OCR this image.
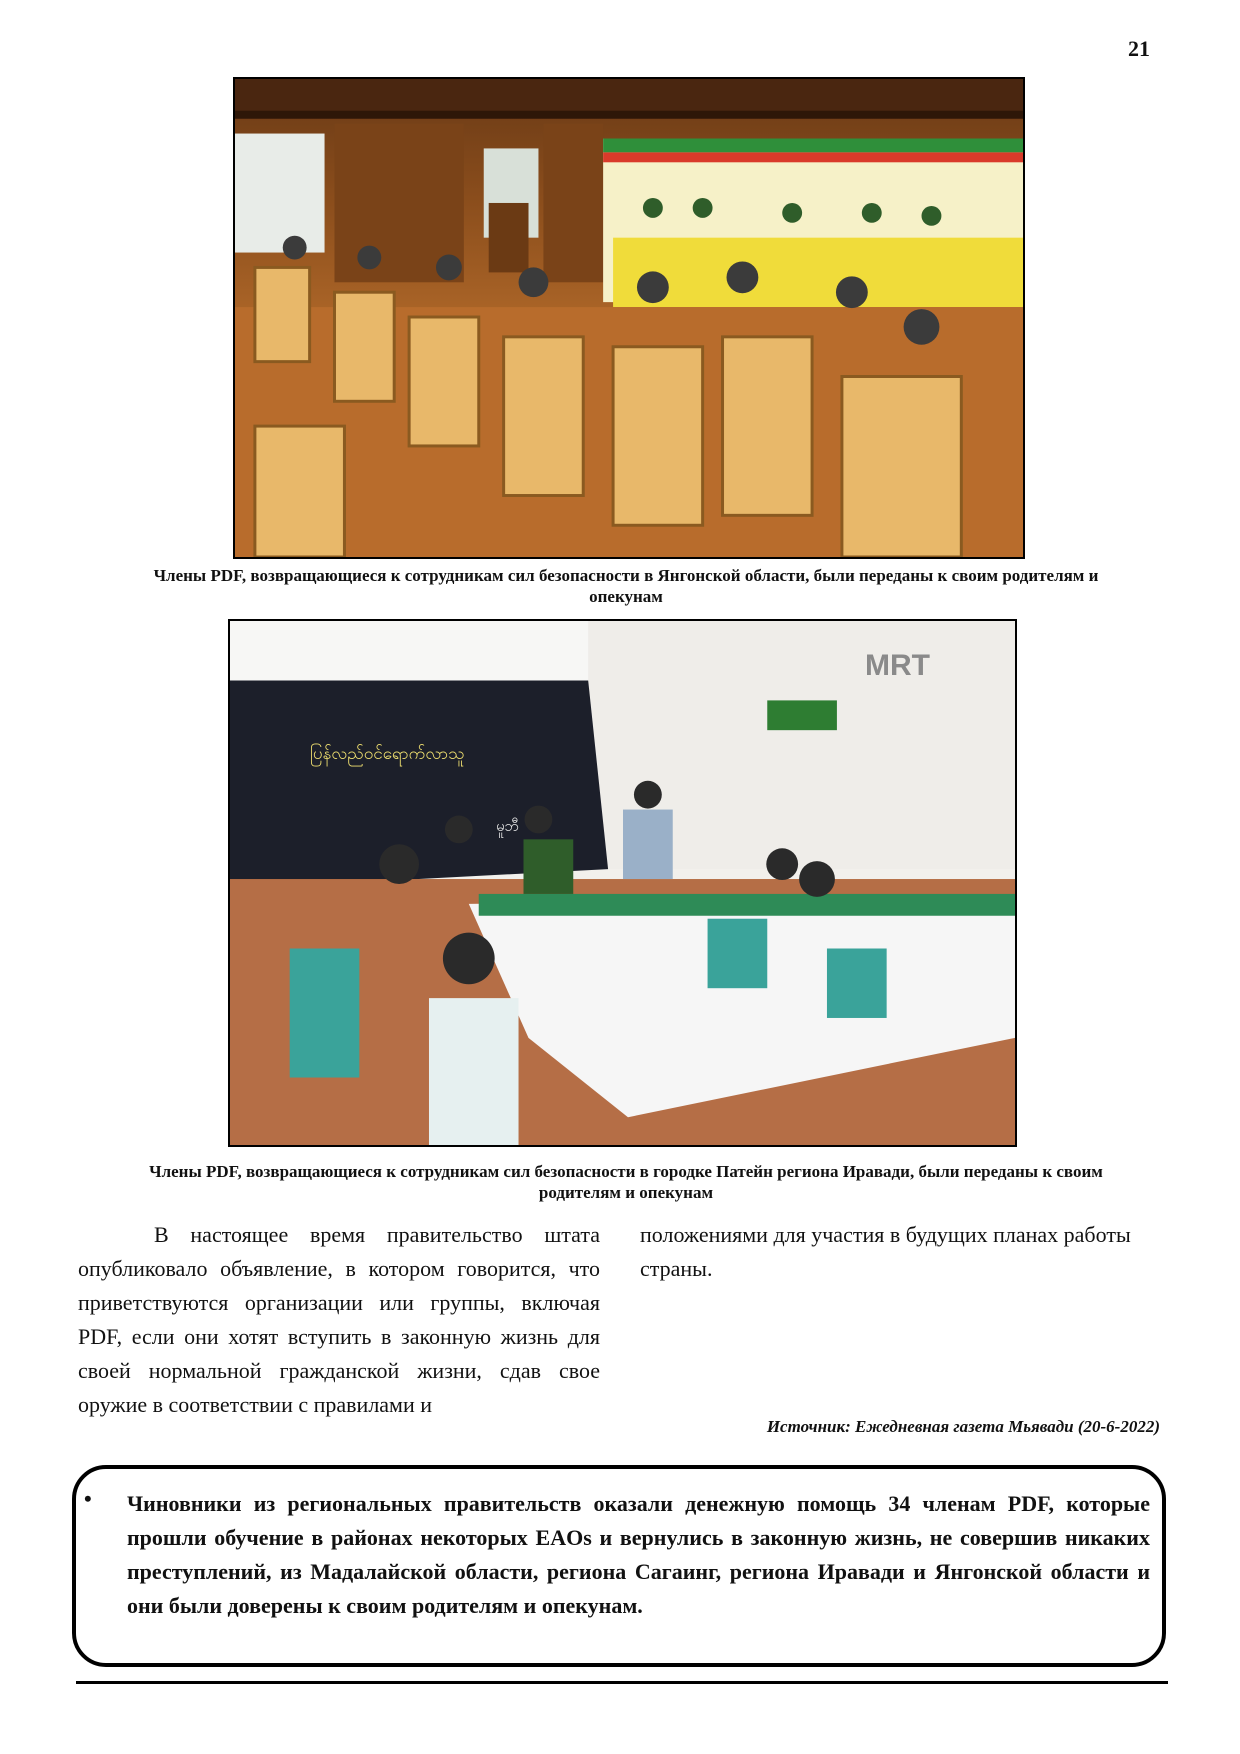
21
Члены PDF, возвращающиеся к сотрудникам сил безопасности в Янгонской области, были переданы к своим родителям и опекунам
MRT
ပြန်လည်ဝင်ရောက်လာသူ
မူဘီ
Члены PDF, возвращающиеся к сотрудникам сил безопасности в городке Патейн региона Иравади, были переданы к своим родителям и опекунам
В настоящее время правительство штата опубликовало объявление, в котором говорится, что приветствуются организации или группы, включая PDF, если они хотят вступить в законную жизнь для своей нормальной гражданской жизни, сдав свое оружие в соответствии с правилами и
положениями для участия в будущих планах работы страны.
Источник: Ежедневная газета Мьявади (20-6-2022)
• Чиновники из региональных правительств оказали денежную помощь 34 членам PDF, которые прошли обучение в районах некоторых EAOs и вернулись в законную жизнь, не совершив никаких преступлений, из Мадалайской области, региона Сагаинг, региона Иравади и Янгонской области и они были доверены к своим родителям и опекунам.
